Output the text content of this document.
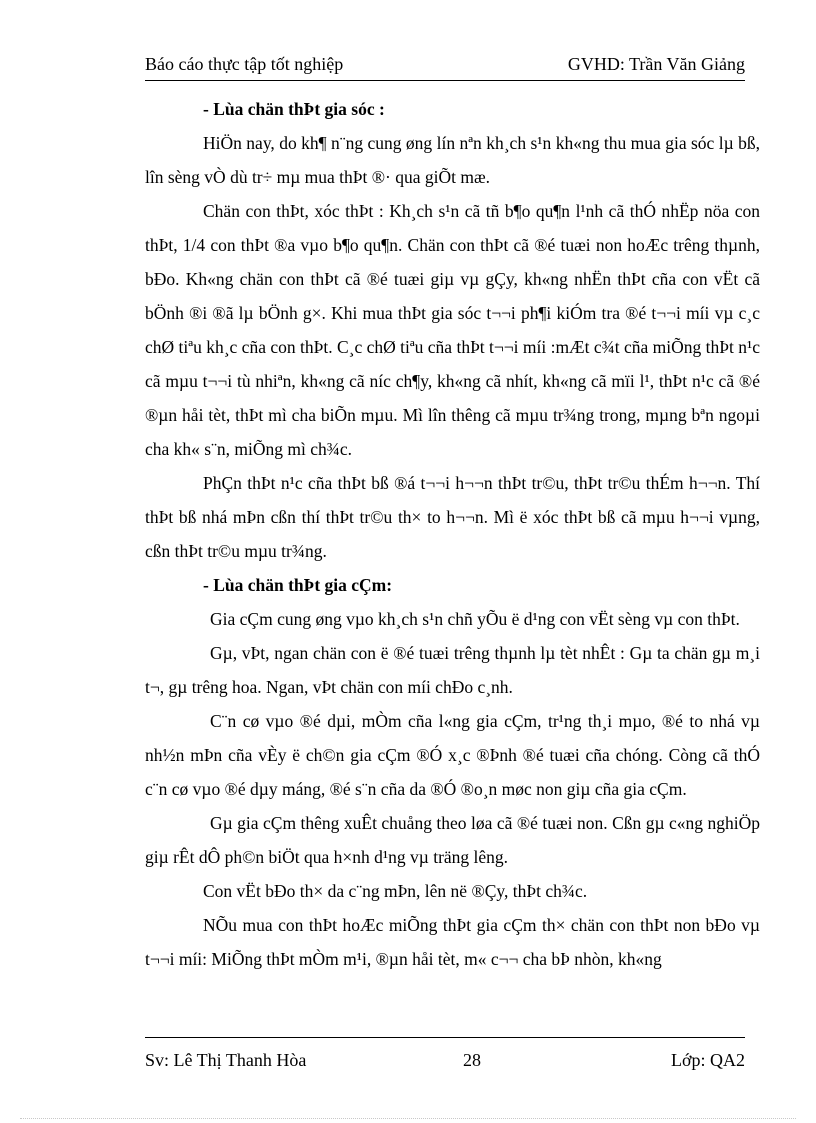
Báo cáo thực tập tốt nghiệp	GVHD: Trần Văn Giảng

- Lùa chän thÞt gia sóc :

HiÖn nay, do kh¶ n¨ng cung øng lín nªn kh¸ch s¹n kh«ng thu mua gia sóc lµ bß, lîn sèng vÒ dù tr÷ mµ mua thÞt ®· qua giÕt mæ.

Chän con thÞt, xóc thÞt : Kh¸ch s¹n cã tñ b¶o qu¶n l¹nh cã thÓ nhËp nöa con thÞt, 1/4 con thÞt ®a vµo b¶o qu¶n. Chän con thÞt cã ®é tuæi non hoÆc trêng thµnh, bÐo. Kh«ng chän con thÞt cã ®é tuæi giµ vµ gÇy, kh«ng nhËn thÞt cña con vËt cã bÖnh ®i ®ã lµ bÖnh g×. Khi mua thÞt gia sóc t¬¬i ph¶i kiÓm tra ®é t¬¬i míi vµ c¸c chØ tiªu kh¸c cña con thÞt. C¸c chØ tiªu cña thÞt t¬¬i míi :mÆt c¾t cña miÕng thÞt n¹c cã mµu t¬¬i tù nhiªn, kh«ng cã níc ch¶y, kh«ng cã nhít, kh«ng cã mïi l¹, thÞt n¹c cã ®é ®µn håi tèt, thÞt mì cha biÕn mµu. Mì lîn thêng cã mµu tr¾ng trong, mµng bªn ngoµi cha kh« s¨n, miÕng mì ch¾c.

PhÇn thÞt n¹c cña thÞt bß ®á t¬¬i h¬¬n thÞt tr©u, thÞt tr©u thÉm h¬¬n. Thí thÞt bß nhá mÞn cßn thí thÞt tr©u th× to h¬¬n. Mì ë xóc thÞt bß cã mµu h¬¬i vµng, cßn thÞt tr©u mµu tr¾ng.

- Lùa chän thÞt gia cÇm:

Gia cÇm cung øng vµo kh¸ch s¹n chñ yÕu ë d¹ng con vËt sèng vµ con thÞt.

Gµ, vÞt, ngan chän con ë ®é tuæi trêng thµnh lµ tèt nhÊt : Gµ ta chän gµ m¸i t¬, gµ trêng hoa. Ngan, vÞt chän con míi chÐo c¸nh.

C¨n cø vµo ®é dµi, mÒm cña l«ng gia cÇm, tr¹ng th¸i mµo, ®é to nhá vµ nh½n mÞn cña vÈy ë ch©n gia cÇm ®Ó x¸c ®Þnh ®é tuæi cña chóng. Còng cã thÓ c¨n cø vµo ®é dµy máng, ®é s¨n cña da ®Ó ®o¸n møc non giµ cña gia cÇm.

Gµ gia cÇm thêng xuÊt chuång theo løa cã ®é tuæi non. Cßn gµ c«ng nghiÖp giµ rÊt dÔ ph©n biÖt qua h×nh d¹ng vµ träng lêng.

Con vËt bÐo th× da c¨ng mÞn, lên në ®Çy, thÞt ch¾c.

NÕu mua con thÞt hoÆc miÕng thÞt gia cÇm th× chän con thÞt non bÐo vµ t¬¬i míi: MiÕng thÞt mÒm m¹i, ®µn håi tèt, m« c¬¬ cha bÞ nhòn, kh«ng

Sv: Lê Thị Thanh Hòa	28	Lớp: QA2
